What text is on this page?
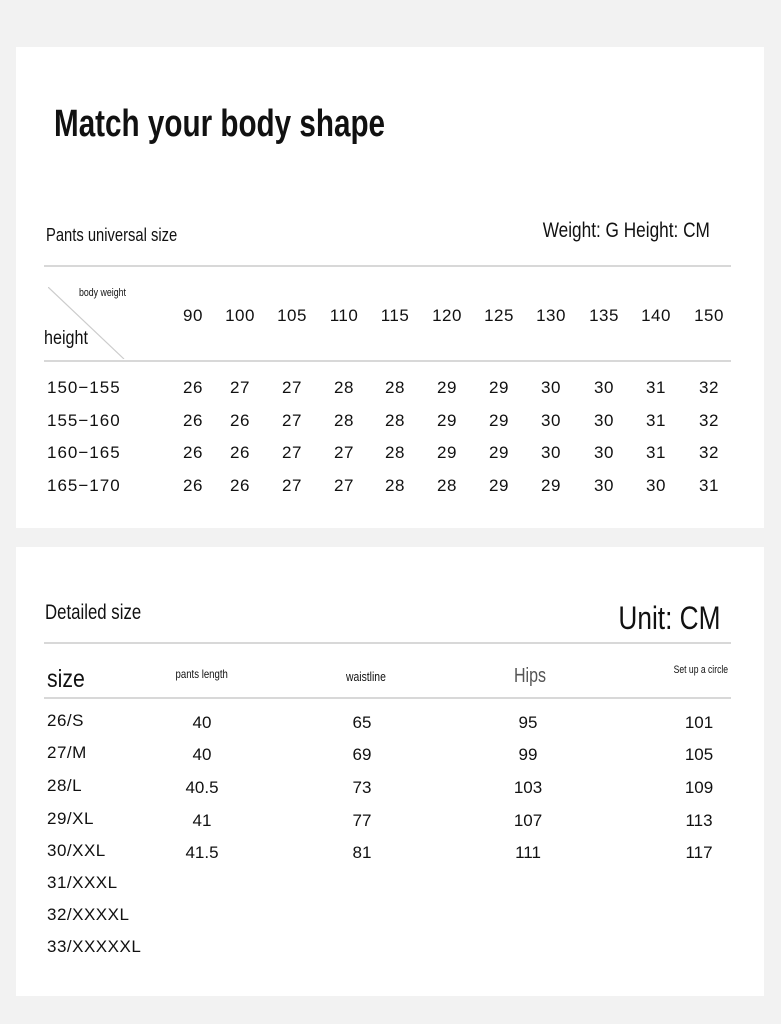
Match your body shape
Pants universal size	Weight: G Height: CM
body weight
height
90	100	105	110	115	120	125	130	135	140	150
150−155	26	27	27	28	28	29	29	30	30	31	32
155−160	26	26	27	28	28	29	29	30	30	31	32
160−165	26	26	27	27	28	29	29	30	30	31	32
165−170	26	26	27	27	28	28	29	29	30	30	31
Detailed size	Unit: CM
size	pants length	waistline	Hips	Set up a circle
26/S	40	65	95	101
27/M	40	69	99	105
28/L	40.5	73	103	109
29/XL	41	77	107	113
30/XXL	41.5	81	111	117
31/XXXL
32/XXXXL
33/XXXXXL
